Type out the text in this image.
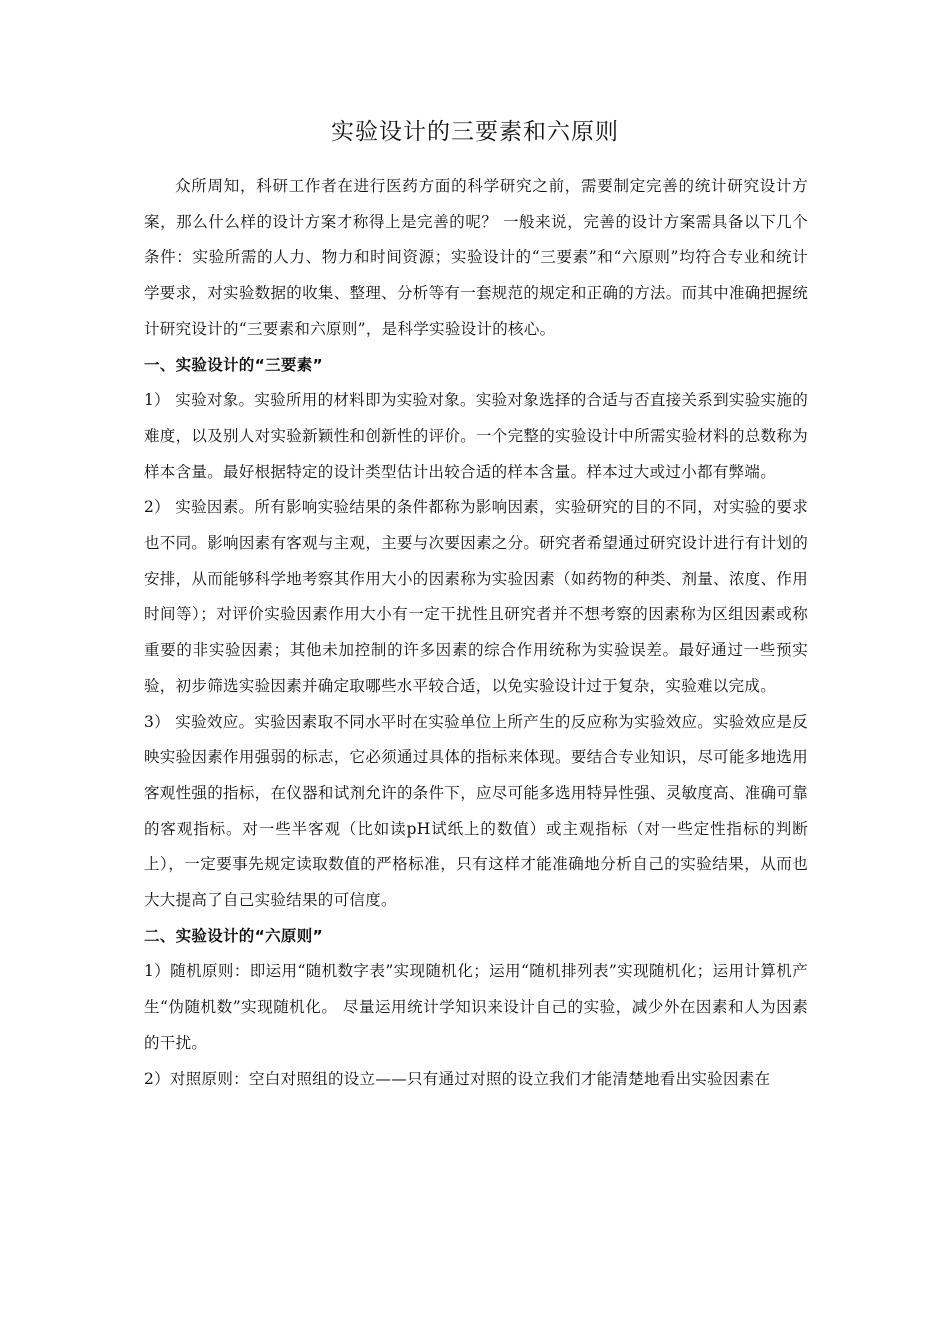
实验设计的三要素和六原则

众所周知，科研工作者在进行医药方面的科学研究之前，需要制定完善的统计研究设计方案，那么什么样的设计方案才称得上是完善的呢？ 一般来说，完善的设计方案需具备以下几个条件：实验所需的人力、物力和时间资源；实验设计的“三要素”和“六原则”均符合专业和统计学要求，对实验数据的收集、整理、分析等有一套规范的规定和正确的方法。而其中准确把握统计研究设计的“三要素和六原则”，是科学实验设计的核心。

一、实验设计的“三要素”

1） 实验对象。实验所用的材料即为实验对象。实验对象选择的合适与否直接关系到实验实施的难度，以及别人对实验新颖性和创新性的评价。一个完整的实验设计中所需实验材料的总数称为样本含量。最好根据特定的设计类型估计出较合适的样本含量。样本过大或过小都有弊端。

2） 实验因素。所有影响实验结果的条件都称为影响因素，实验研究的目的不同，对实验的要求也不同。影响因素有客观与主观，主要与次要因素之分。研究者希望通过研究设计进行有计划的安排，从而能够科学地考察其作用大小的因素称为实验因素（如药物的种类、剂量、浓度、作用时间等）；对评价实验因素作用大小有一定干扰性且研究者并不想考察的因素称为区组因素或称重要的非实验因素；其他未加控制的许多因素的综合作用统称为实验误差。最好通过一些预实验，初步筛选实验因素并确定取哪些水平较合适，以免实验设计过于复杂，实验难以完成。

3） 实验效应。实验因素取不同水平时在实验单位上所产生的反应称为实验效应。实验效应是反映实验因素作用强弱的标志，它必须通过具体的指标来体现。要结合专业知识，尽可能多地选用客观性强的指标，在仪器和试剂允许的条件下，应尽可能多选用特异性强、灵敏度高、准确可靠的客观指标。对一些半客观（比如读pH试纸上的数值）或主观指标（对一些定性指标的判断上），一定要事先规定读取数值的严格标准，只有这样才能准确地分析自己的实验结果，从而也大大提高了自己实验结果的可信度。

二、实验设计的“六原则”

1）随机原则：即运用“随机数字表”实现随机化；运用“随机排列表”实现随机化；运用计算机产生“伪随机数”实现随机化。 尽量运用统计学知识来设计自己的实验，减少外在因素和人为因素的干扰。

2）对照原则：空白对照组的设立——只有通过对照的设立我们才能清楚地看出实验因素在
